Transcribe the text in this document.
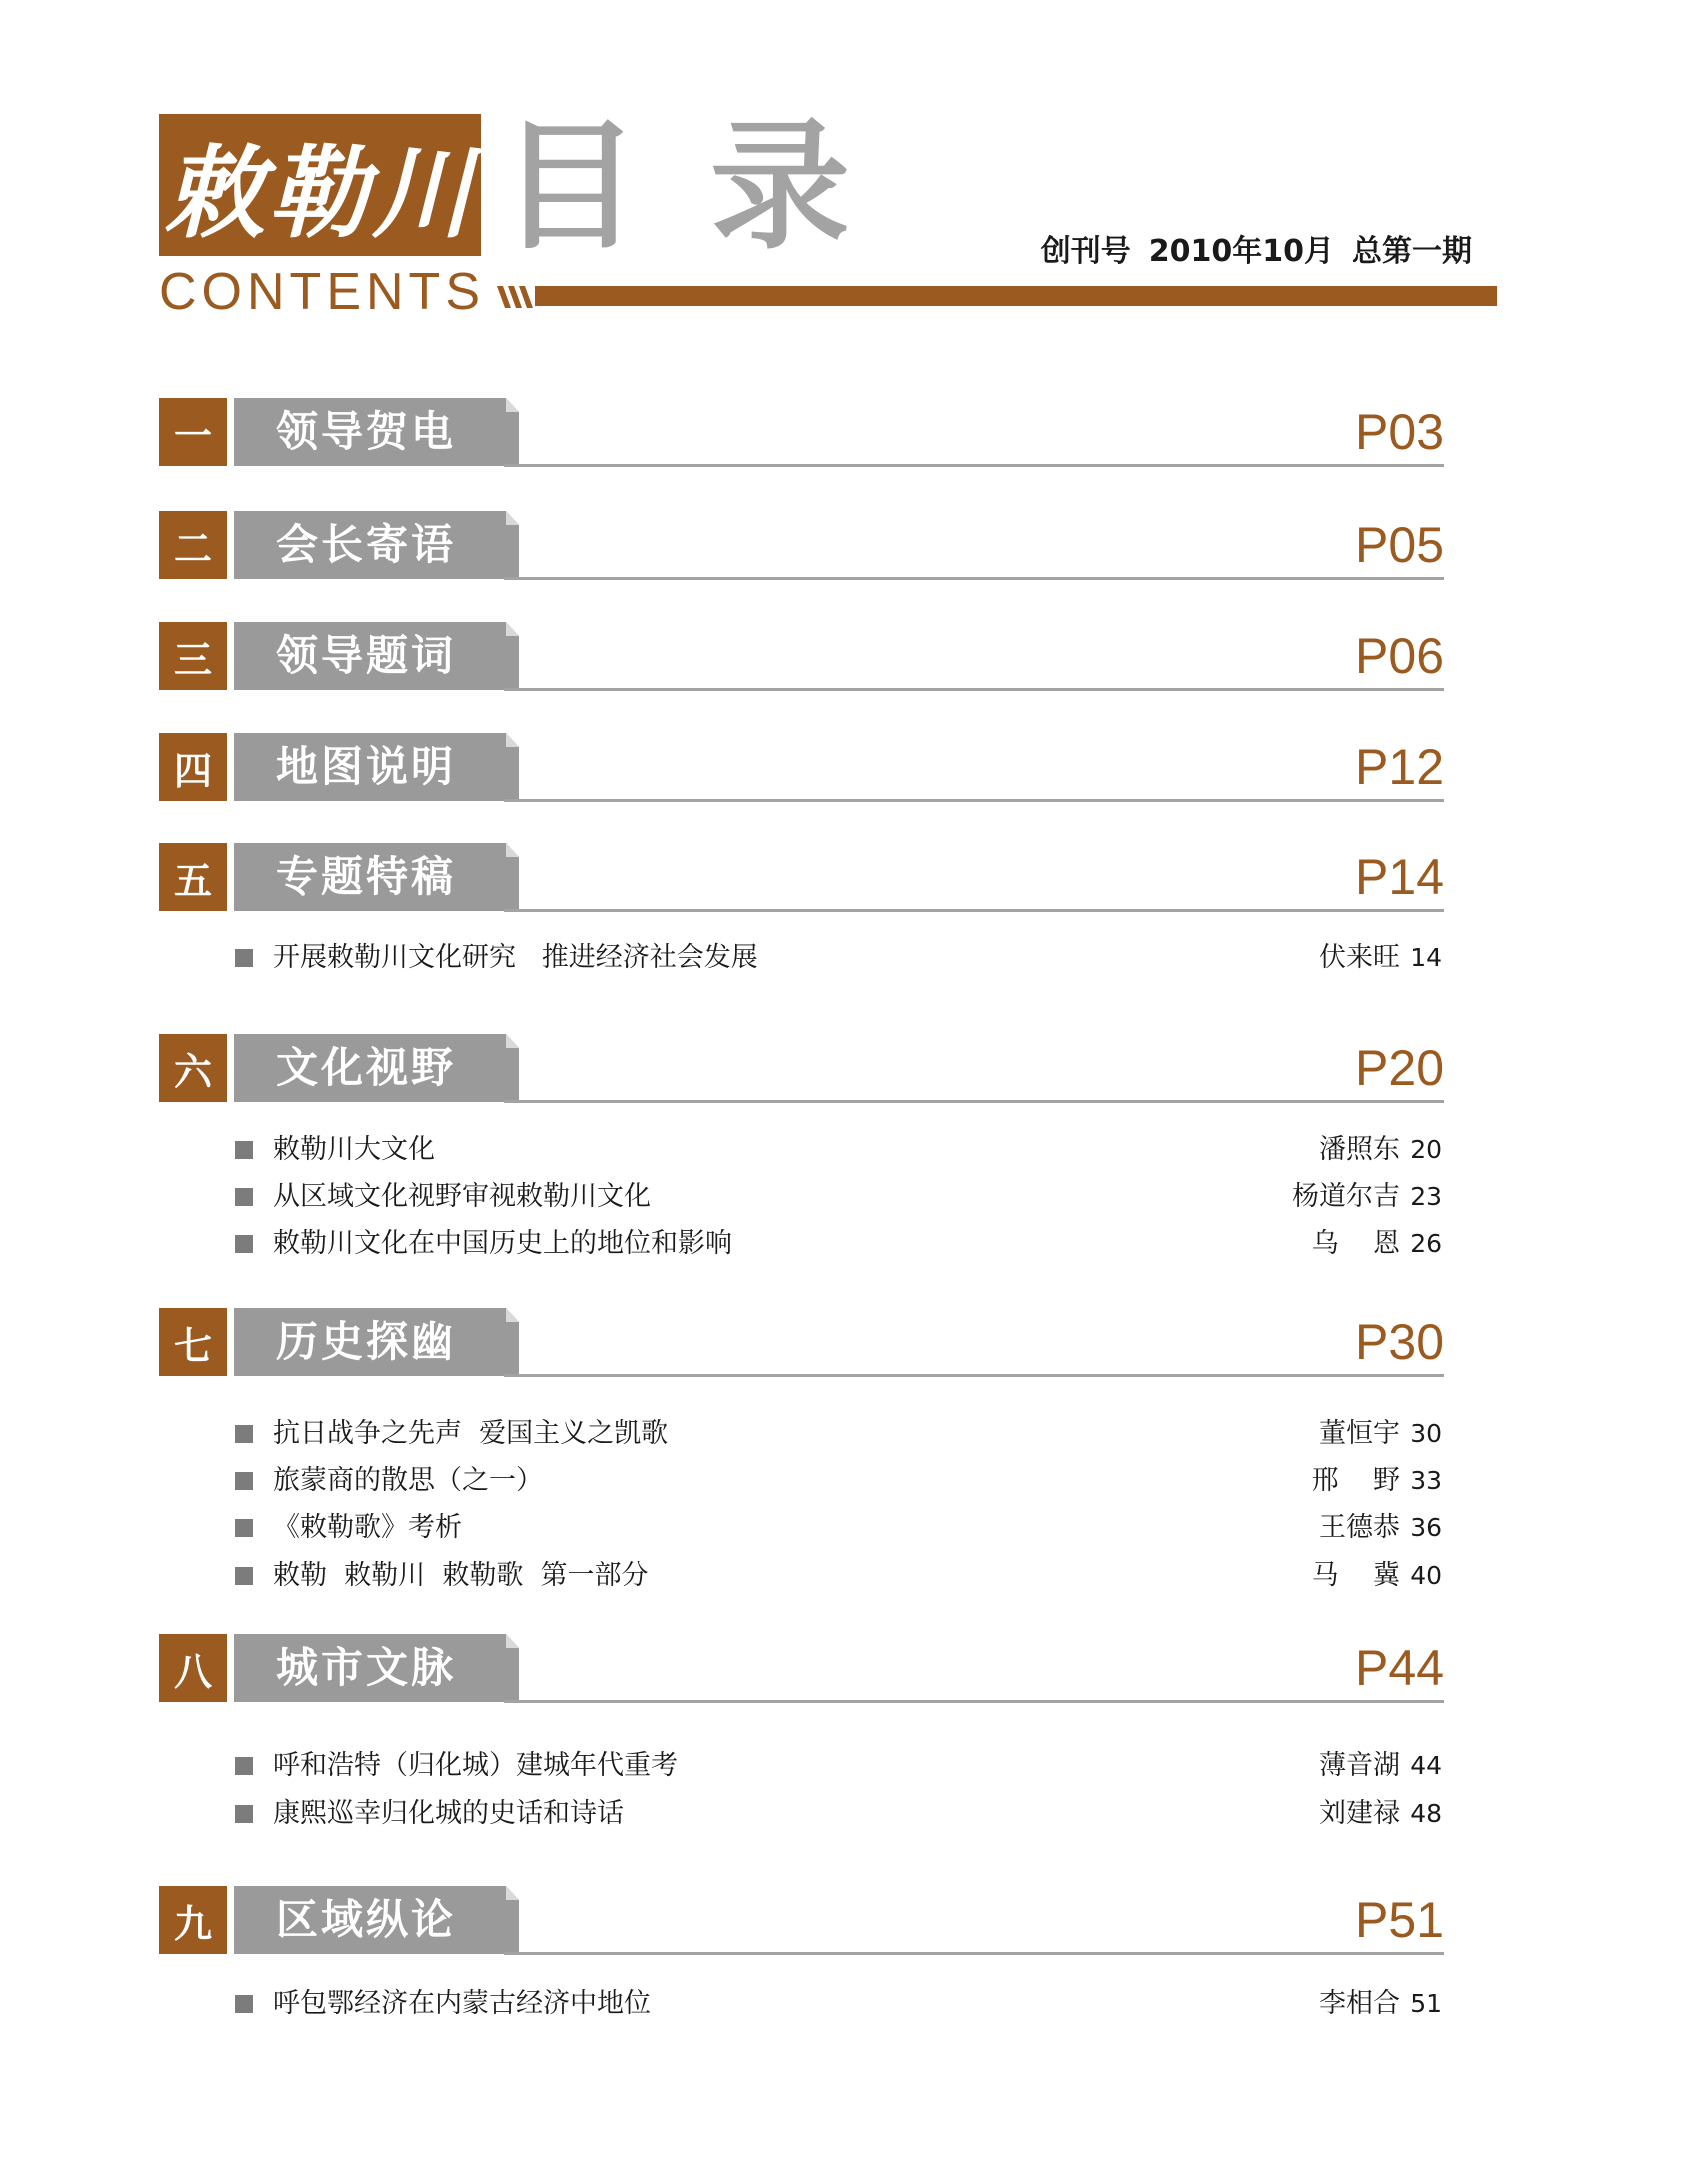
敕勒川 目录
CONTENTS
创刊号 2010年10月 总第一期
一	领导贺电	P03
二	会长寄语	P05
三	领导题词	P06
四	地图说明	P12
五	专题特稿	P14
开展敕勒川文化研究   推进经济社会发展	伏来旺 14
六	文化视野	P20
敕勒川大文化	潘照东 20
从区域文化视野审视敕勒川文化	杨道尔吉 23
敕勒川文化在中国历史上的地位和影响	乌    恩 26
七	历史探幽	P30
抗日战争之先声  爱国主义之凯歌	董恒宇 30
旅蒙商的散思（之一）	邢    野 33
《敕勒歌》考析	王德恭 36
敕勒  敕勒川  敕勒歌  第一部分	马    冀 40
八	城市文脉	P44
呼和浩特（归化城）建城年代重考	薄音湖 44
康熙巡幸归化城的史话和诗话	刘建禄 48
九	区域纵论	P51
呼包鄂经济在内蒙古经济中地位	李相合 51
